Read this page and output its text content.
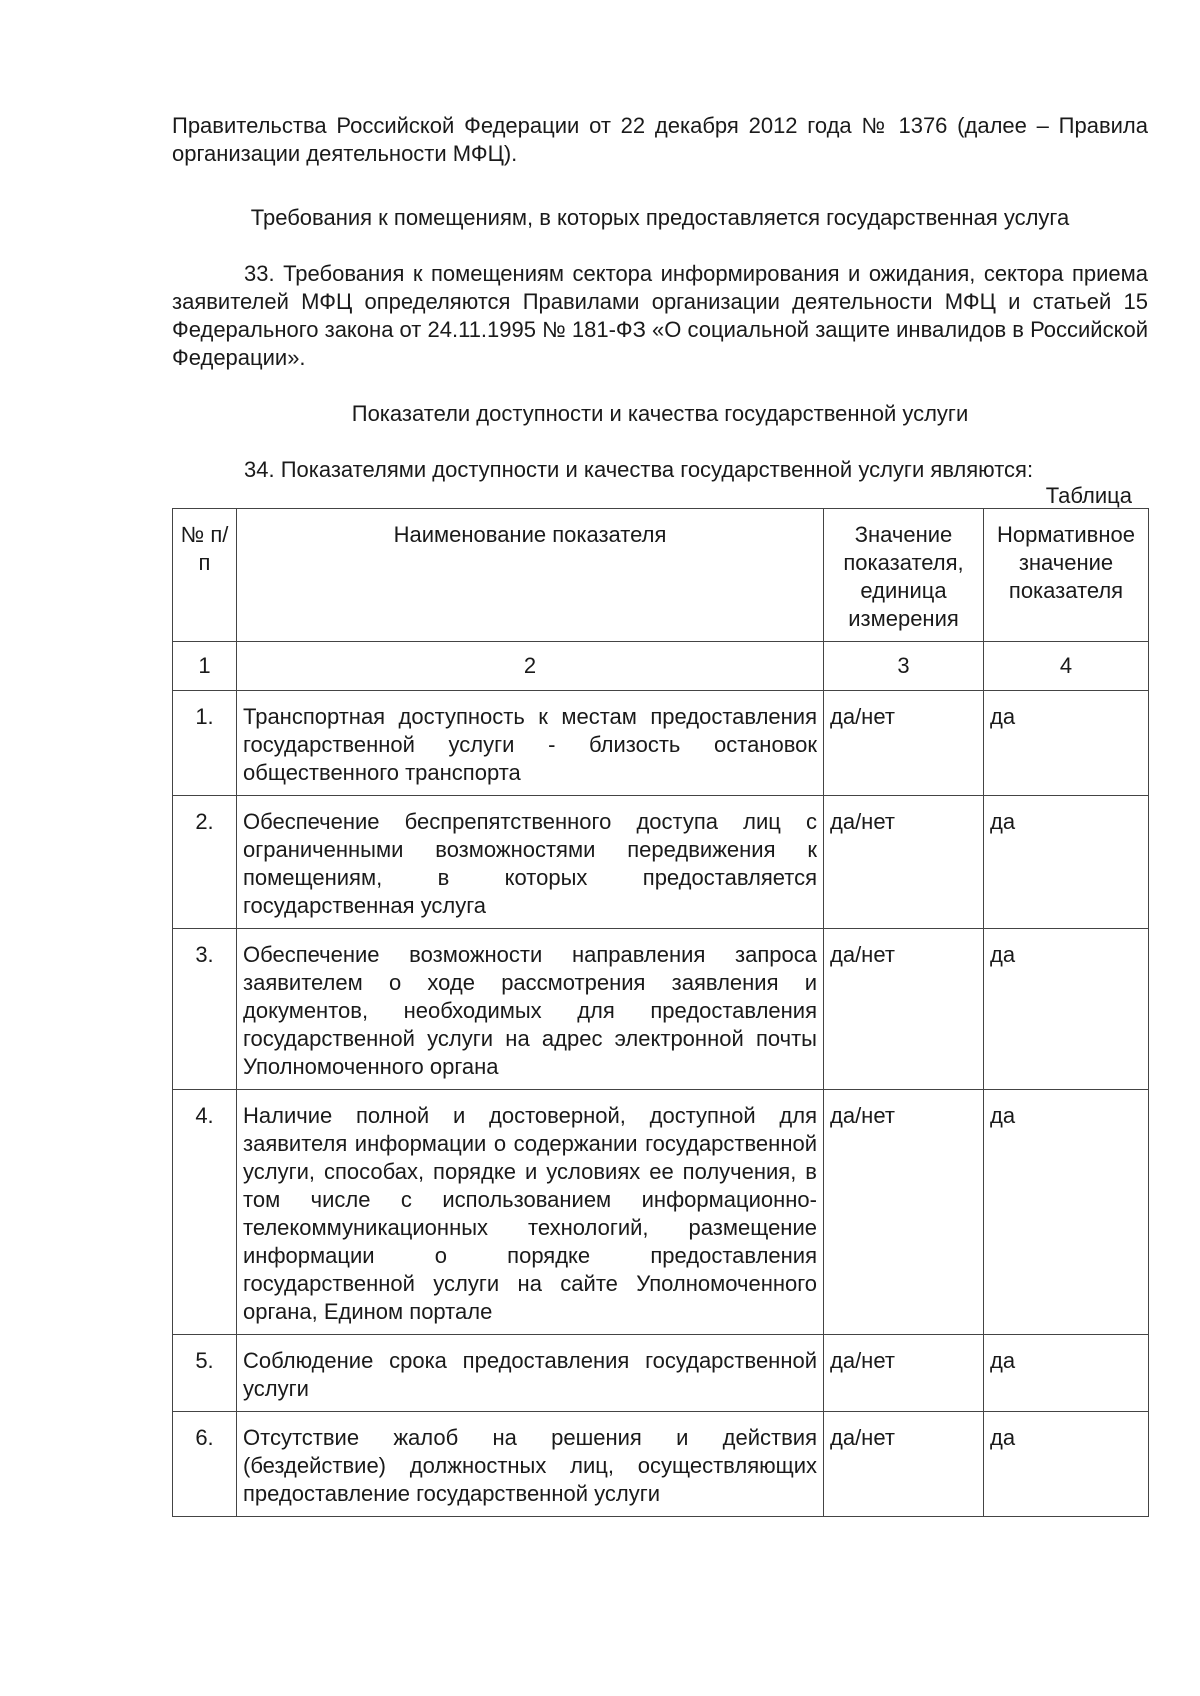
Правительства Российской Федерации от 22 декабря 2012 года № 1376 (далее – Правила организации деятельности МФЦ).

Требования к помещениям, в которых предоставляется государственная услуга

33. Требования к помещениям сектора информирования и ожидания, сектора приема заявителей МФЦ определяются Правилами организации деятельности МФЦ и статьей 15 Федерального закона от 24.11.1995 № 181-ФЗ «О социальной защите инвалидов в Российской Федерации».

Показатели доступности и качества государственной услуги

34. Показателями доступности и качества государственной услуги являются:

Таблица
№ п/п	Наименование показателя	Значение показателя, единица измерения	Нормативное значение показателя
1	2	3	4
1.	Транспортная доступность к местам предоставления государственной услуги - близость остановок общественного транспорта	да/нет	да
2.	Обеспечение беспрепятственного доступа лиц с ограниченными возможностями передвижения к помещениям, в которых предоставляется государственная услуга	да/нет	да
3.	Обеспечение возможности направления запроса заявителем о ходе рассмотрения заявления и документов, необходимых для предоставления государственной услуги на адрес электронной почты Уполномоченного органа	да/нет	да
4.	Наличие полной и достоверной, доступной для заявителя информации о содержании государственной услуги, способах, порядке и условиях ее получения, в том числе с использованием информационно-телекоммуникационных технологий, размещение информации о порядке предоставления государственной услуги на сайте Уполномоченного органа, Едином портале	да/нет	да
5.	Соблюдение срока предоставления государственной услуги	да/нет	да
6.	Отсутствие жалоб на решения и действия (бездействие) должностных лиц, осуществляющих предоставление государственной услуги	да/нет	да
